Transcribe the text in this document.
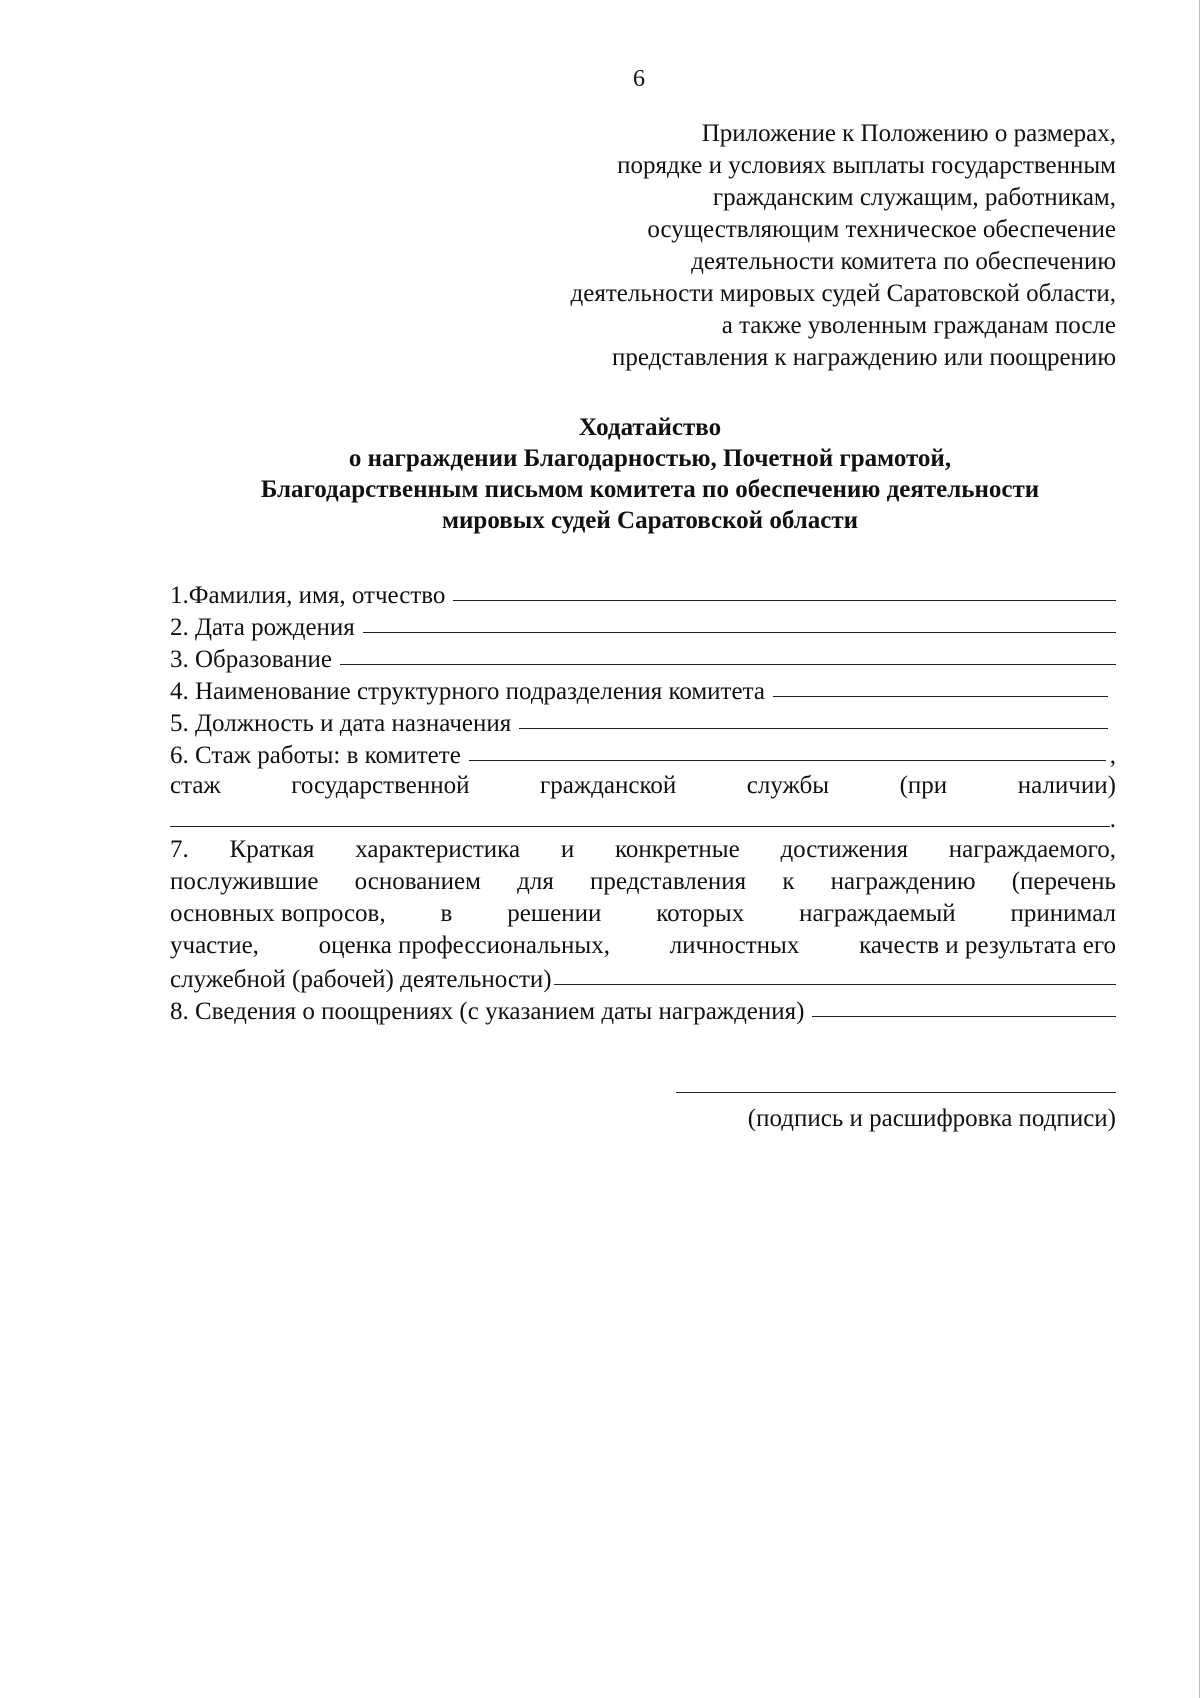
6
Приложение к Положению о размерах,
порядке и условиях выплаты государственным
гражданским служащим, работникам,
осуществляющим техническое обеспечение
деятельности комитета по обеспечению
деятельности мировых судей Саратовской области,
а также уволенным гражданам после
представления к награждению или поощрению
Ходатайство
о награждении Благодарностью, Почетной грамотой,
Благодарственным письмом комитета по обеспечению деятельности
мировых судей Саратовской области
1.Фамилия, имя, отчество
2. Дата рождения
3. Образование
4. Наименование структурного подразделения комитета
5. Должность и дата назначения
6. Стаж работы: в комитете	,
стаж	государственной	гражданской	службы	(при	наличии)
.
7. Краткая характеристика и конкретные достижения награждаемого,
послужившие основанием для представления к награждению (перечень
основных вопросов, в решении которых награждаемый принимал
участие, оценка профессиональных, личностных качеств и результата его
служебной (рабочей) деятельности)
8. Сведения о поощрениях (с указанием даты награждения)
(подпись и расшифровка подписи)
